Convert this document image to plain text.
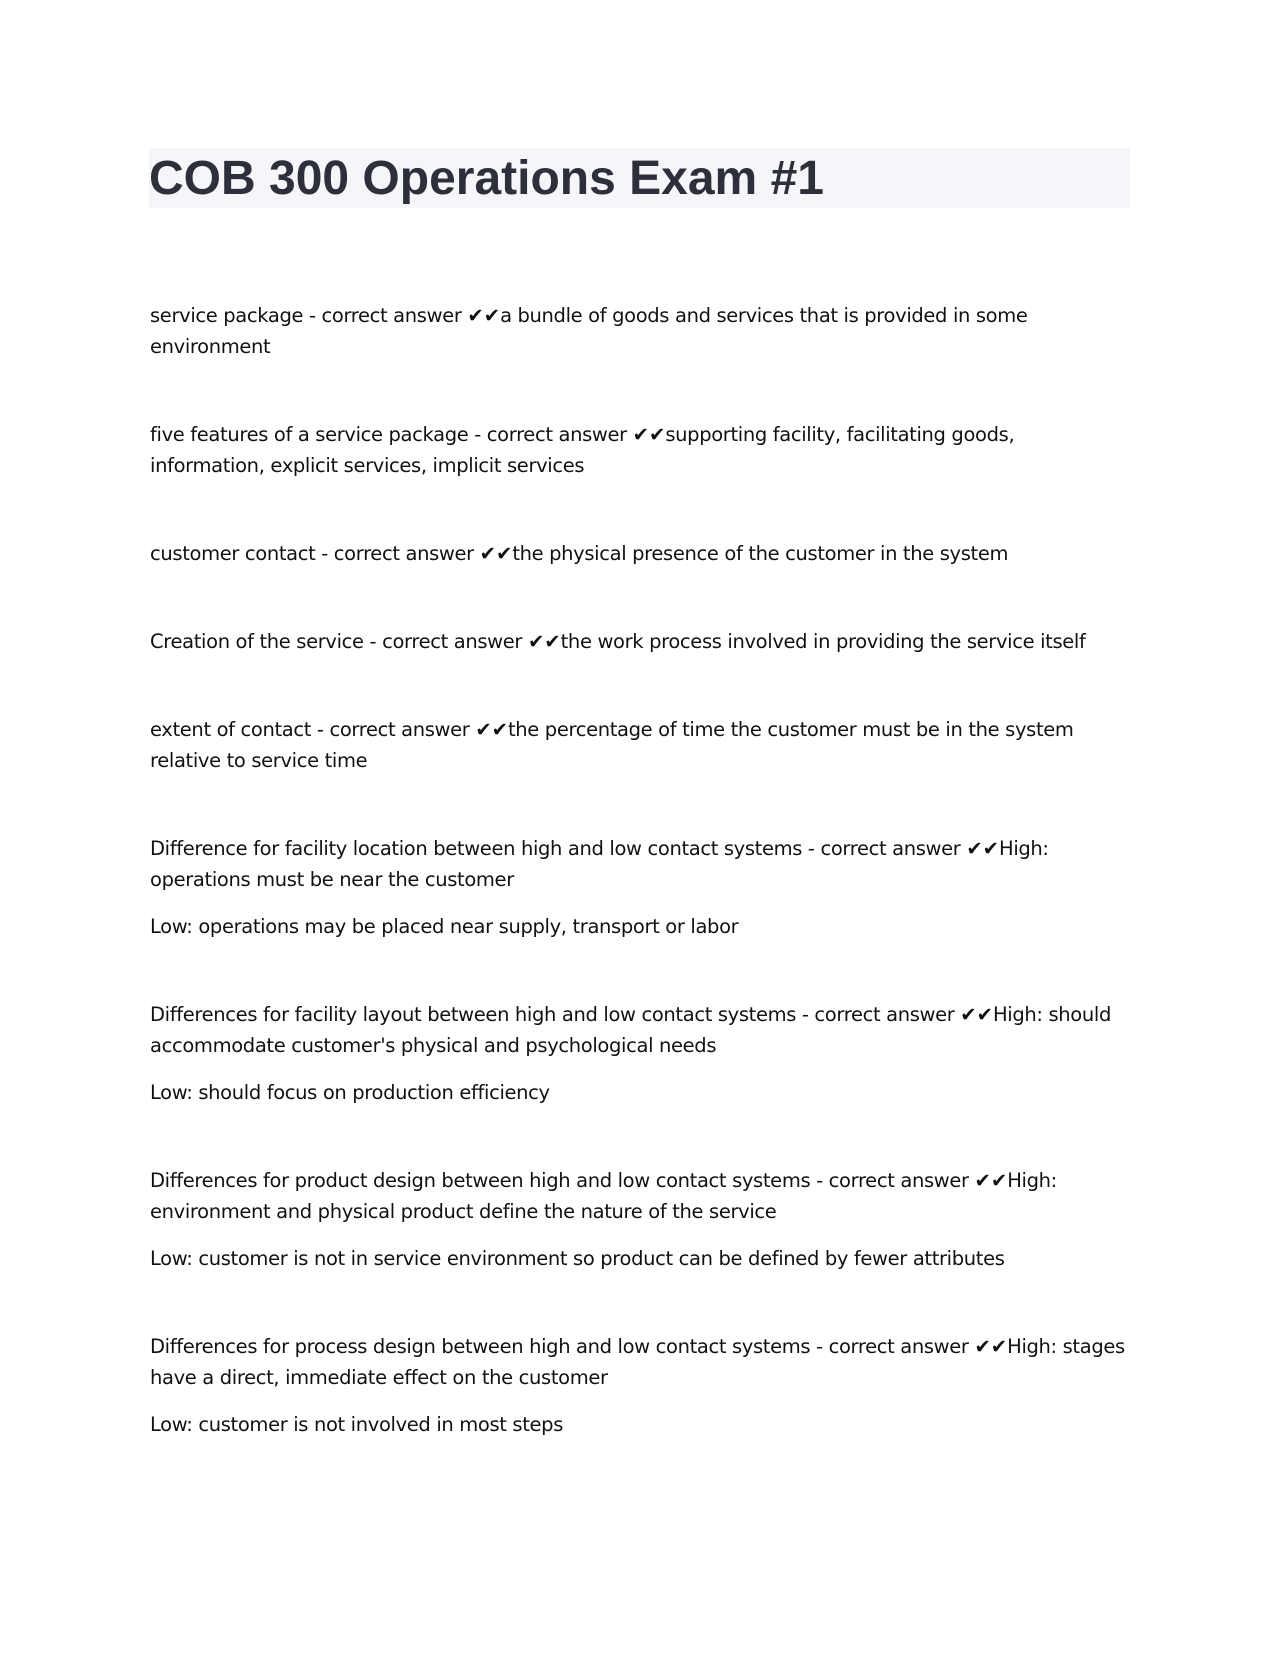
COB 300 Operations Exam #1

service package - correct answer ✔✔a bundle of goods and services that is provided in some environment

five features of a service package - correct answer ✔✔supporting facility, facilitating goods, information, explicit services, implicit services

customer contact - correct answer ✔✔the physical presence of the customer in the system

Creation of the service - correct answer ✔✔the work process involved in providing the service itself

extent of contact - correct answer ✔✔the percentage of time the customer must be in the system relative to service time

Difference for facility location between high and low contact systems - correct answer ✔✔High: operations must be near the customer

Low: operations may be placed near supply, transport or labor

Differences for facility layout between high and low contact systems - correct answer ✔✔High: should accommodate customer's physical and psychological needs

Low: should focus on production efficiency

Differences for product design between high and low contact systems - correct answer ✔✔High: environment and physical product define the nature of the service

Low: customer is not in service environment so product can be defined by fewer attributes

Differences for process design between high and low contact systems - correct answer ✔✔High: stages have a direct, immediate effect on the customer

Low: customer is not involved in most steps
